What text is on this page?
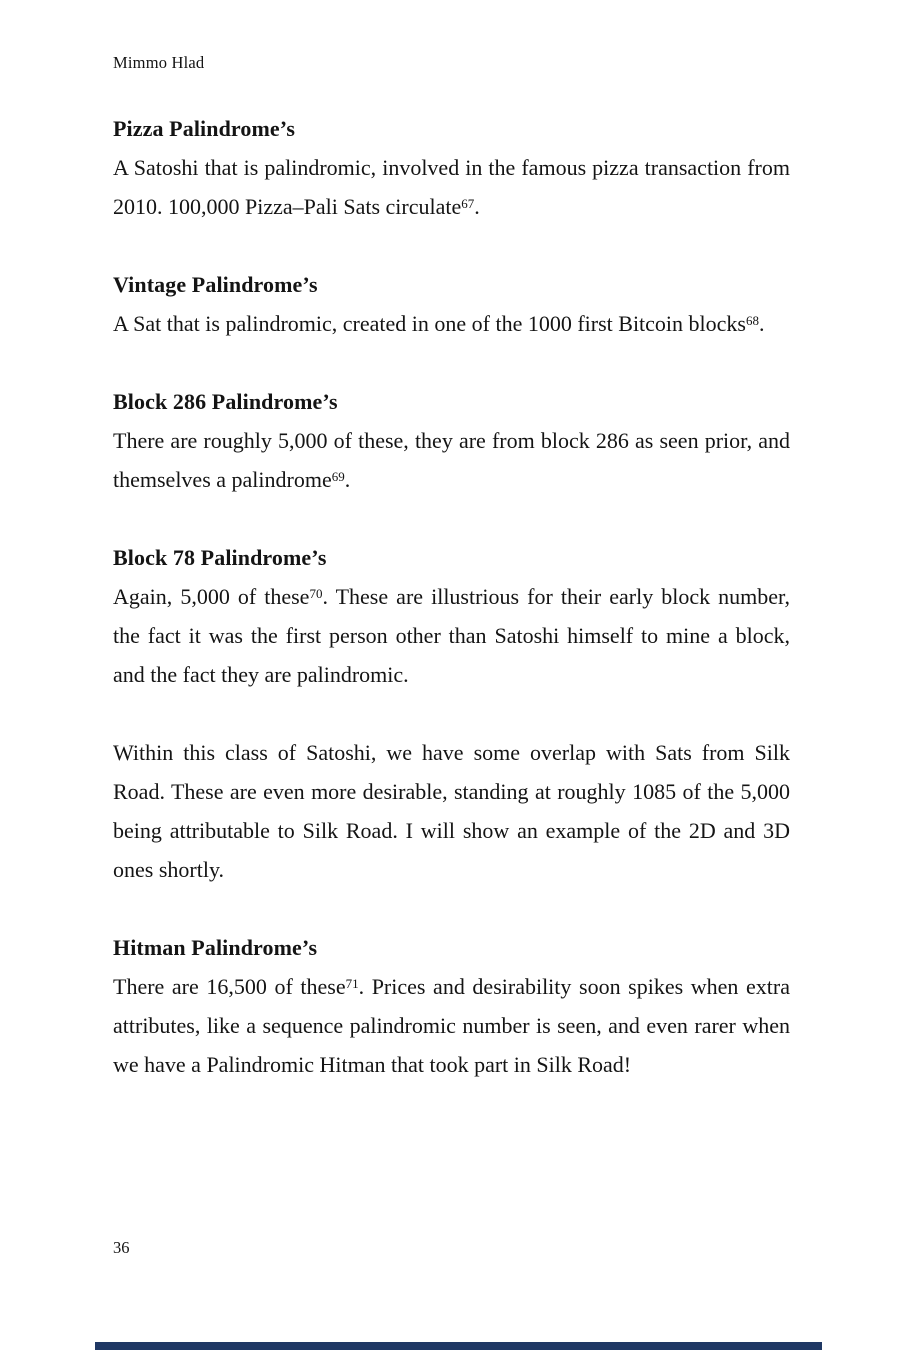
Mimmo Hlad
Pizza Palindrome’s

A Satoshi that is palindromic, involved in the famous pizza transaction from 2010. 100,000 Pizza–Pali Sats circulate$^{67}$.

Vintage Palindrome’s

A Sat that is palindromic, created in one of the 1000 first Bitcoin blocks$^{68}$.

Block 286 Palindrome’s

There are roughly 5,000 of these, they are from block 286 as seen prior, and themselves a palindrome$^{69}$.

Block 78 Palindrome’s

Again, 5,000 of these$^{70}$. These are illustrious for their early block number, the fact it was the first person other than Satoshi himself to mine a block, and the fact they are palindromic.

Within this class of Satoshi, we have some overlap with Sats from Silk Road. These are even more desirable, standing at roughly 1085 of the 5,000 being attributable to Silk Road. I will show an example of the 2D and 3D ones shortly.

Hitman Palindrome’s

There are 16,500 of these$^{71}$. Prices and desirability soon spikes when extra attributes, like a sequence palindromic number is seen, and even rarer when we have a Palindromic Hitman that took part in Silk Road!

36
